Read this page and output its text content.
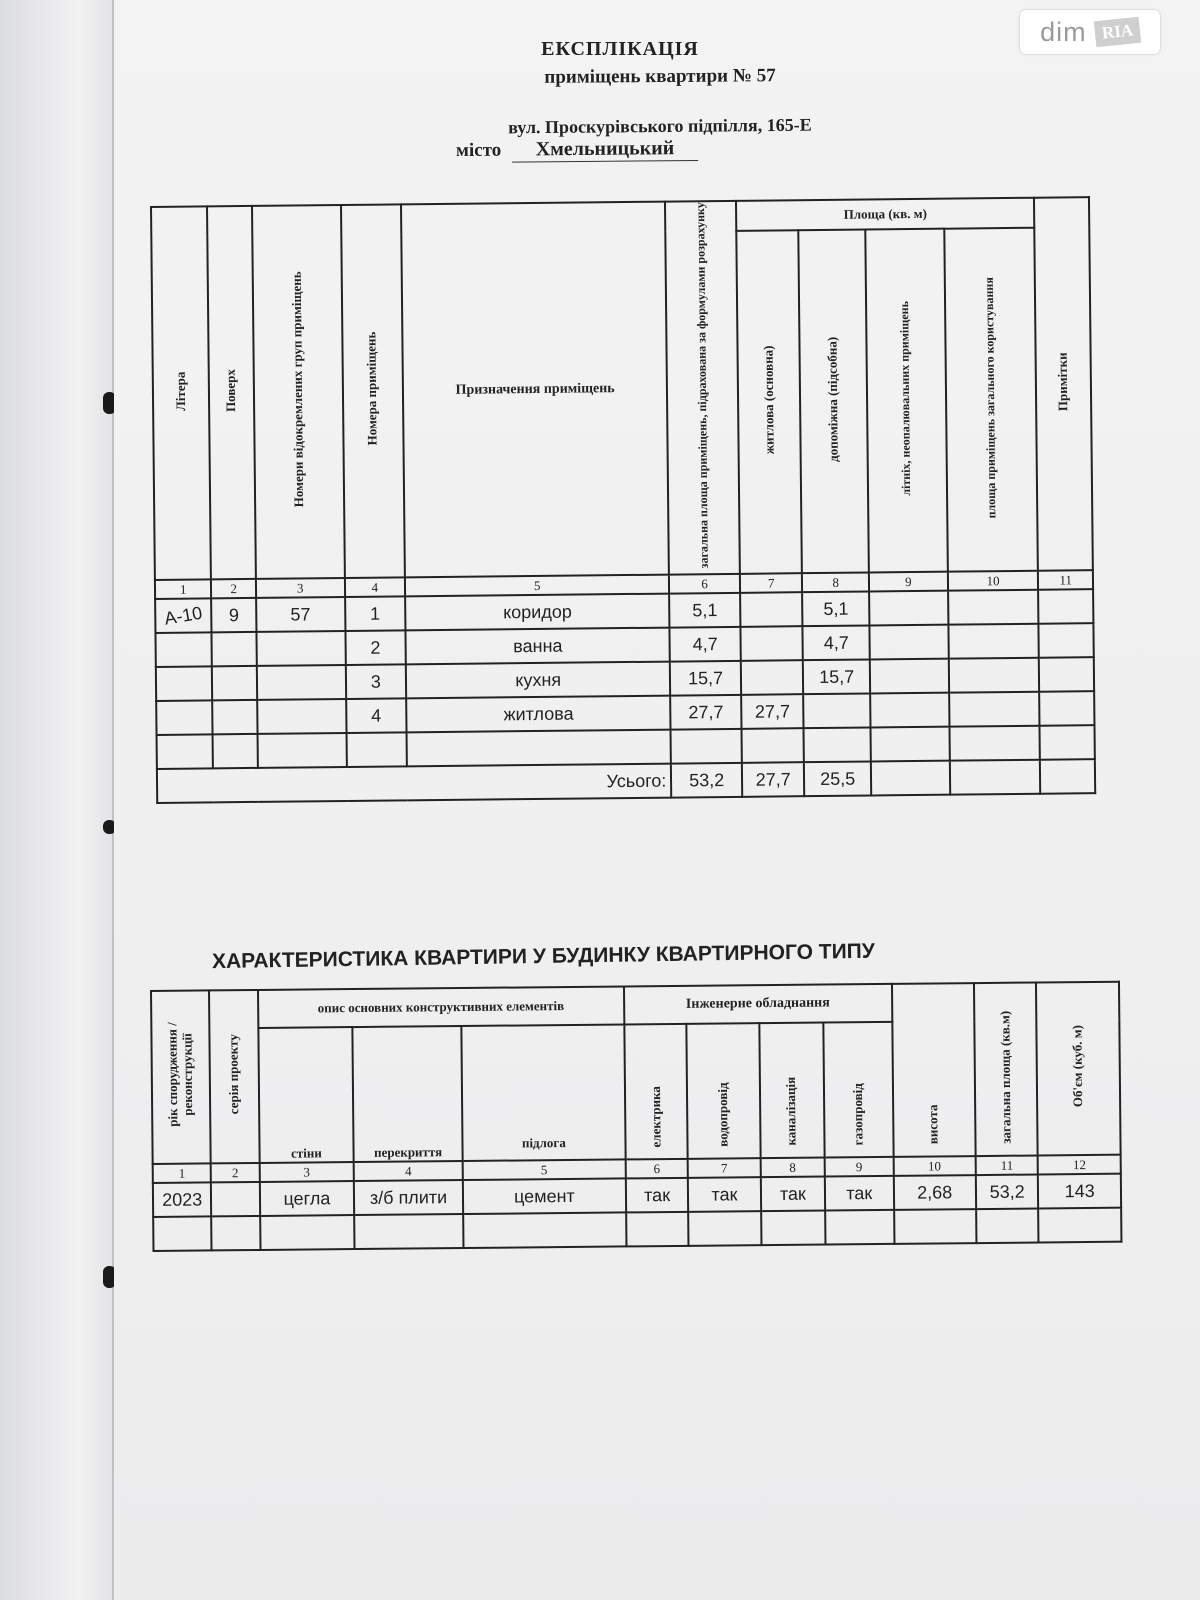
dim RIA
ЕКСПЛІКАЦІЯ
приміщень квартири № 57
вул. Проскурівського підпілля, 165-Е
місто Хмельницький
Літера	Поверх	Номери відокремлених груп приміщень	Номера приміщень	Призначення приміщень	загальна площа приміщень, підрахована за формулами розрахунку	Площа (кв. м)				Примітки
						житлова (основна)	допоміжна (підсобна)	літніх, неопалювальних приміщень	площа приміщень загального користування	
1	2	3	4	5	6	7	8	9	10	11
А-10	9	57	1	коридор	5,1		5,1			
			2	ванна	4,7		4,7			
			3	кухня	15,7		15,7			
			4	житлова	27,7	27,7				

Усього:					53,2	27,7	25,5			
ХАРАКТЕРИСТИКА КВАРТИРИ У БУДИНКУ КВАРТИРНОГО ТИПУ
рік спорудження /реконструкції	серія проекту	опис основних конструктивних елементів			Інженерне обладнання				висота	загальна площа (кв.м)	Об'єм (куб. м)
		стіни	перекриття	підлога	електрика	водопровід	каналізація	газопровід			
1	2	3	4	5	6	7	8	9	10	11	12
2023		цегла	з/б плити	цемент	так	так	так	так	2,68	53,2	143
